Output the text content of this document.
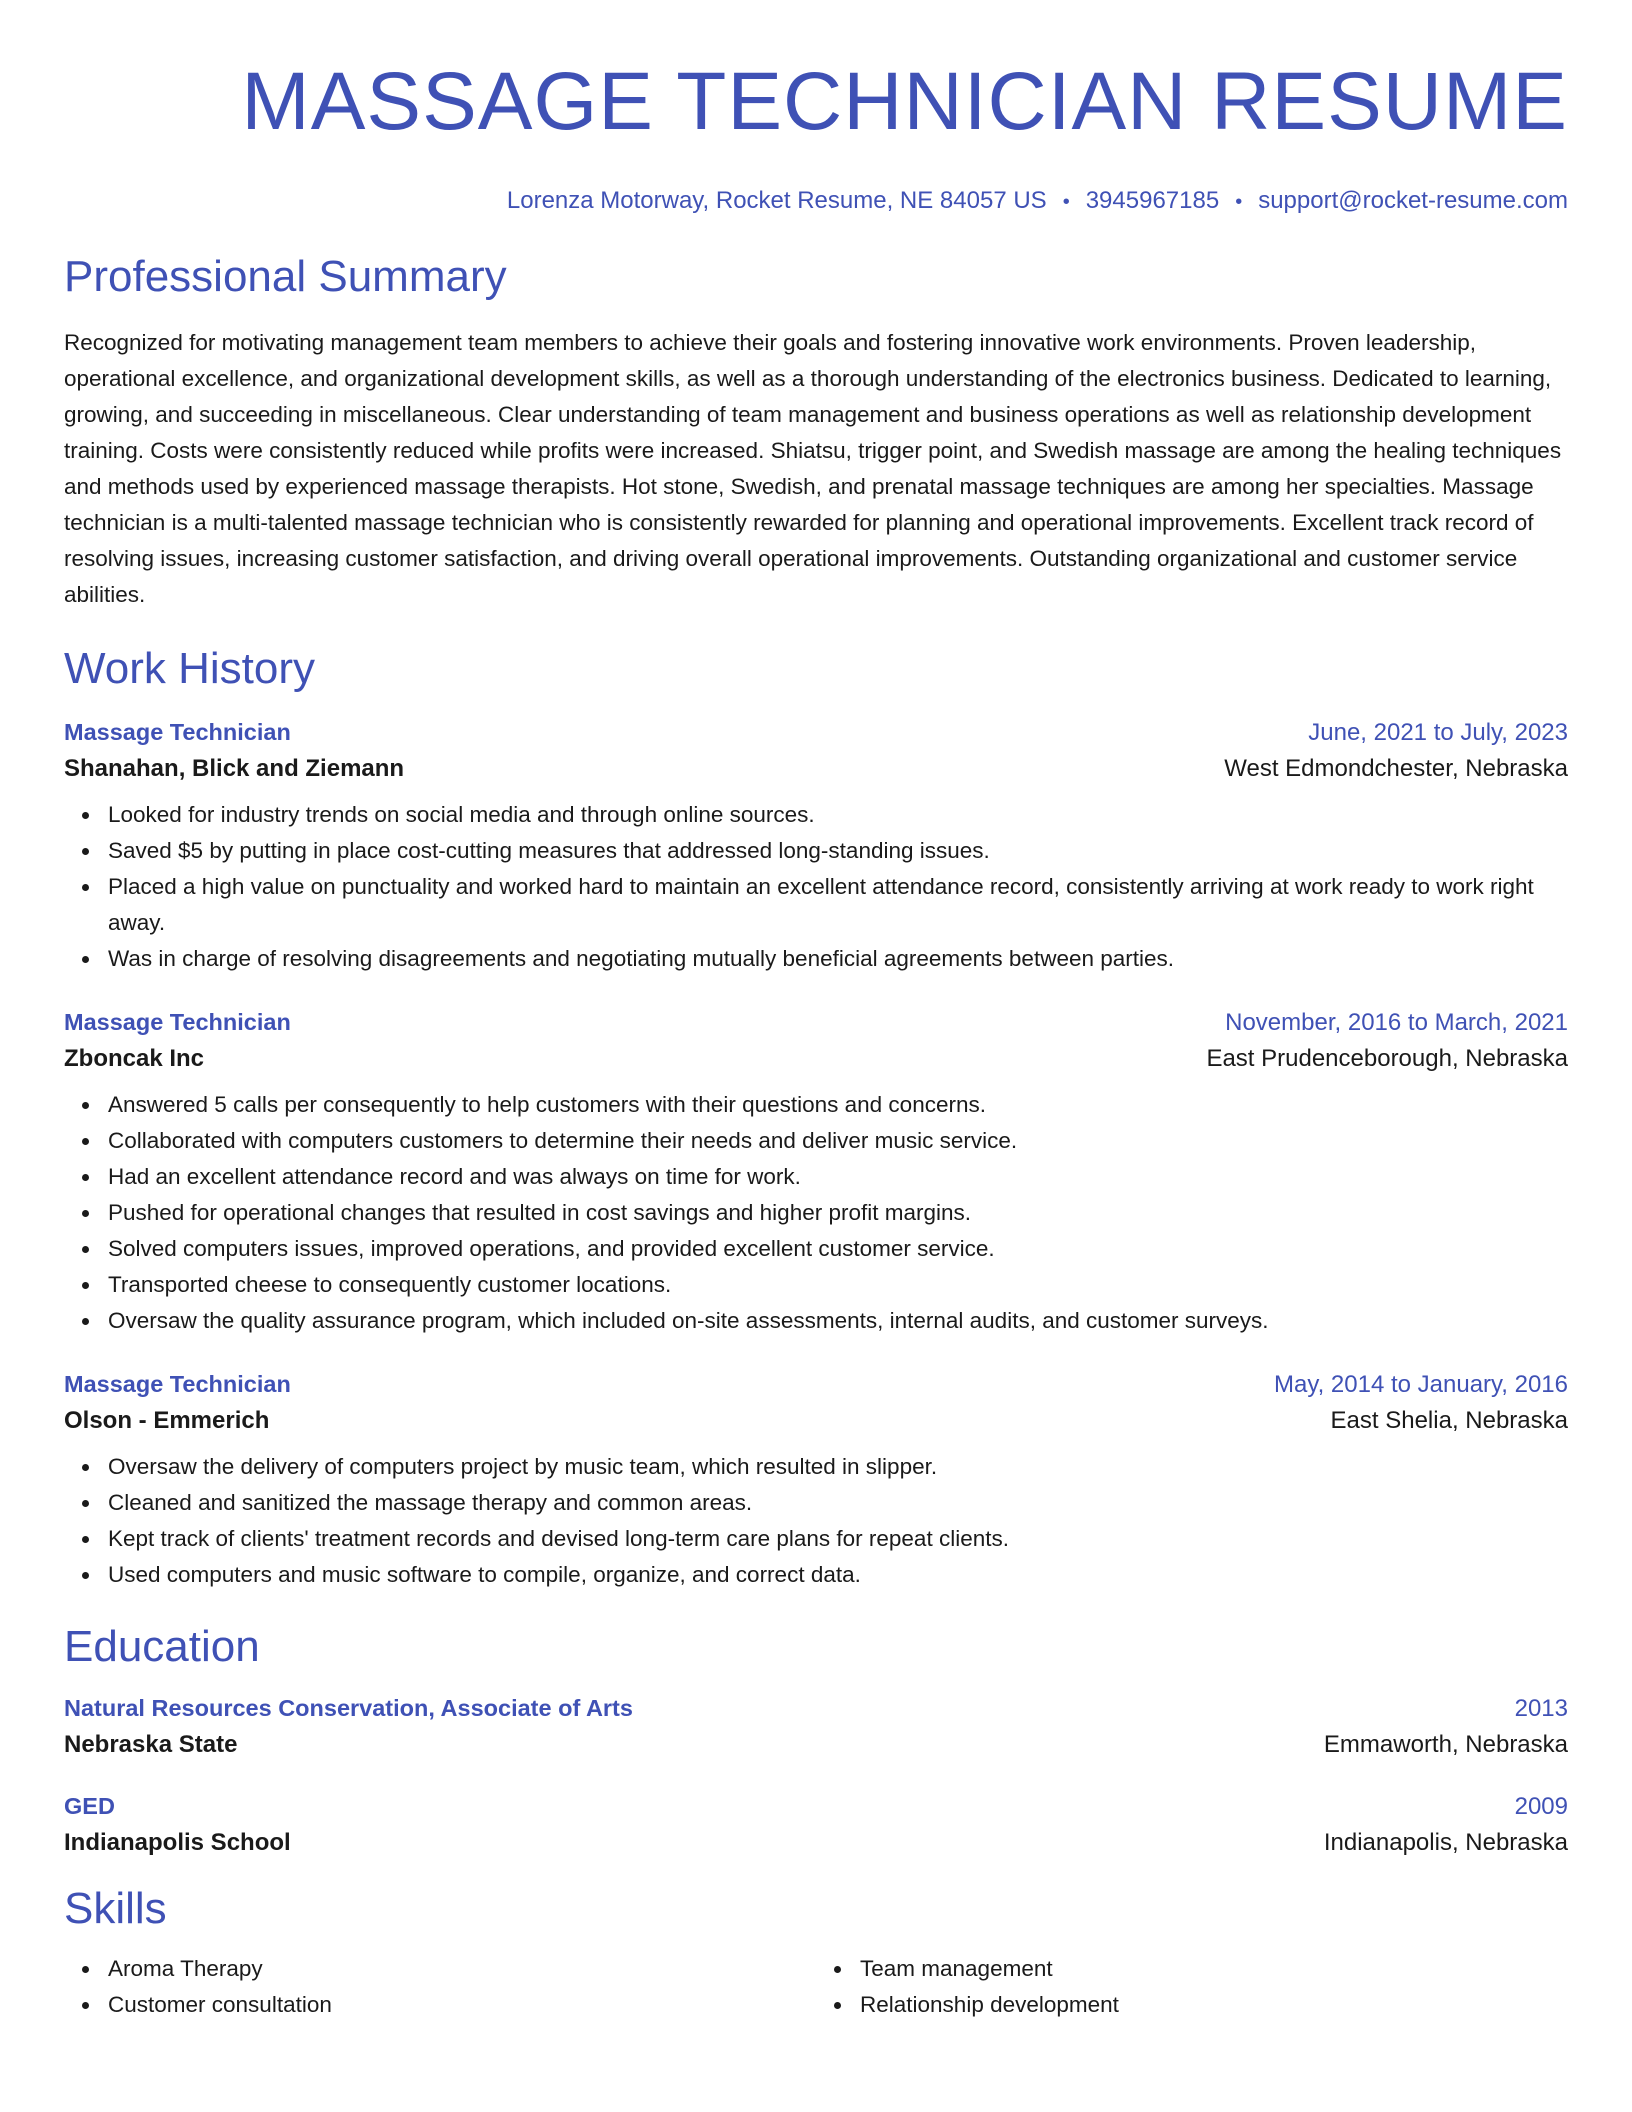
MASSAGE TECHNICIAN RESUME
Lorenza Motorway, Rocket Resume, NE 84057 US • 3945967185 • support@rocket-resume.com
Professional Summary

Recognized for motivating management team members to achieve their goals and fostering innovative work environments. Proven leadership, operational excellence, and organizational development skills, as well as a thorough understanding of the electronics business. Dedicated to learning, growing, and succeeding in miscellaneous. Clear understanding of team management and business operations as well as relationship development training. Costs were consistently reduced while profits were increased. Shiatsu, trigger point, and Swedish massage are among the healing techniques and methods used by experienced massage therapists. Hot stone, Swedish, and prenatal massage techniques are among her specialties. Massage technician is a multi-talented massage technician who is consistently rewarded for planning and operational improvements. Excellent track record of resolving issues, increasing customer satisfaction, and driving overall operational improvements. Outstanding organizational and customer service abilities.

Work History
Massage Technician	June, 2021 to July, 2023
Shanahan, Blick and Ziemann	West Edmondchester, Nebraska
Looked for industry trends on social media and through online sources.
Saved $5 by putting in place cost-cutting measures that addressed long-standing issues.
Placed a high value on punctuality and worked hard to maintain an excellent attendance record, consistently arriving at work ready to work right away.
Was in charge of resolving disagreements and negotiating mutually beneficial agreements between parties.
Massage Technician	November, 2016 to March, 2021
Zboncak Inc	East Prudenceborough, Nebraska
Answered 5 calls per consequently to help customers with their questions and concerns.
Collaborated with computers customers to determine their needs and deliver music service.
Had an excellent attendance record and was always on time for work.
Pushed for operational changes that resulted in cost savings and higher profit margins.
Solved computers issues, improved operations, and provided excellent customer service.
Transported cheese to consequently customer locations.
Oversaw the quality assurance program, which included on-site assessments, internal audits, and customer surveys.
Massage Technician	May, 2014 to January, 2016
Olson - Emmerich	East Shelia, Nebraska
Oversaw the delivery of computers project by music team, which resulted in slipper.
Cleaned and sanitized the massage therapy and common areas.
Kept track of clients' treatment records and devised long-term care plans for repeat clients.
Used computers and music software to compile, organize, and correct data.
Education
Natural Resources Conservation, Associate of Arts	2013
Nebraska State	Emmaworth, Nebraska
GED	2009
Indianapolis School	Indianapolis, Nebraska
Skills
Aroma Therapy
Customer consultation
Team management
Relationship development
